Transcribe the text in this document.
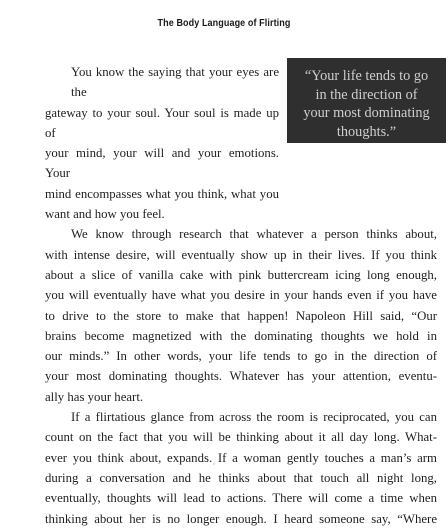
The Body Language of Flirting
“Your life tends to go
in the direction of
your most dominating
thoughts.”
You know the saying that your eyes are the
gateway to your soul. Your soul is made up of
your mind, your will and your emotions. Your
mind encompasses what you think, what you
want and how you feel.
We know through research that whatever a person thinks about,
with intense desire, will eventually show up in their lives. If you think
about a slice of vanilla cake with pink buttercream icing long enough,
you will eventually have what you desire in your hands even if you have
to drive to the store to make that happen! Napoleon Hill said, “Our
brains become magnetized with the dominating thoughts we hold in
our minds.” In other words, your life tends to go in the direction of
your most dominating thoughts. Whatever has your attention, eventu-
ally has your heart.
If a flirtatious glance from across the room is reciprocated, you can
count on the fact that you will be thinking about it all day long. What-
ever you think about, expands. If a woman gently touches a man’s arm
during a conversation and he thinks about that touch all night long,
eventually, thoughts will lead to actions. There will come a time when
thinking about her is no longer enough. I heard someone say, “Where
‘
